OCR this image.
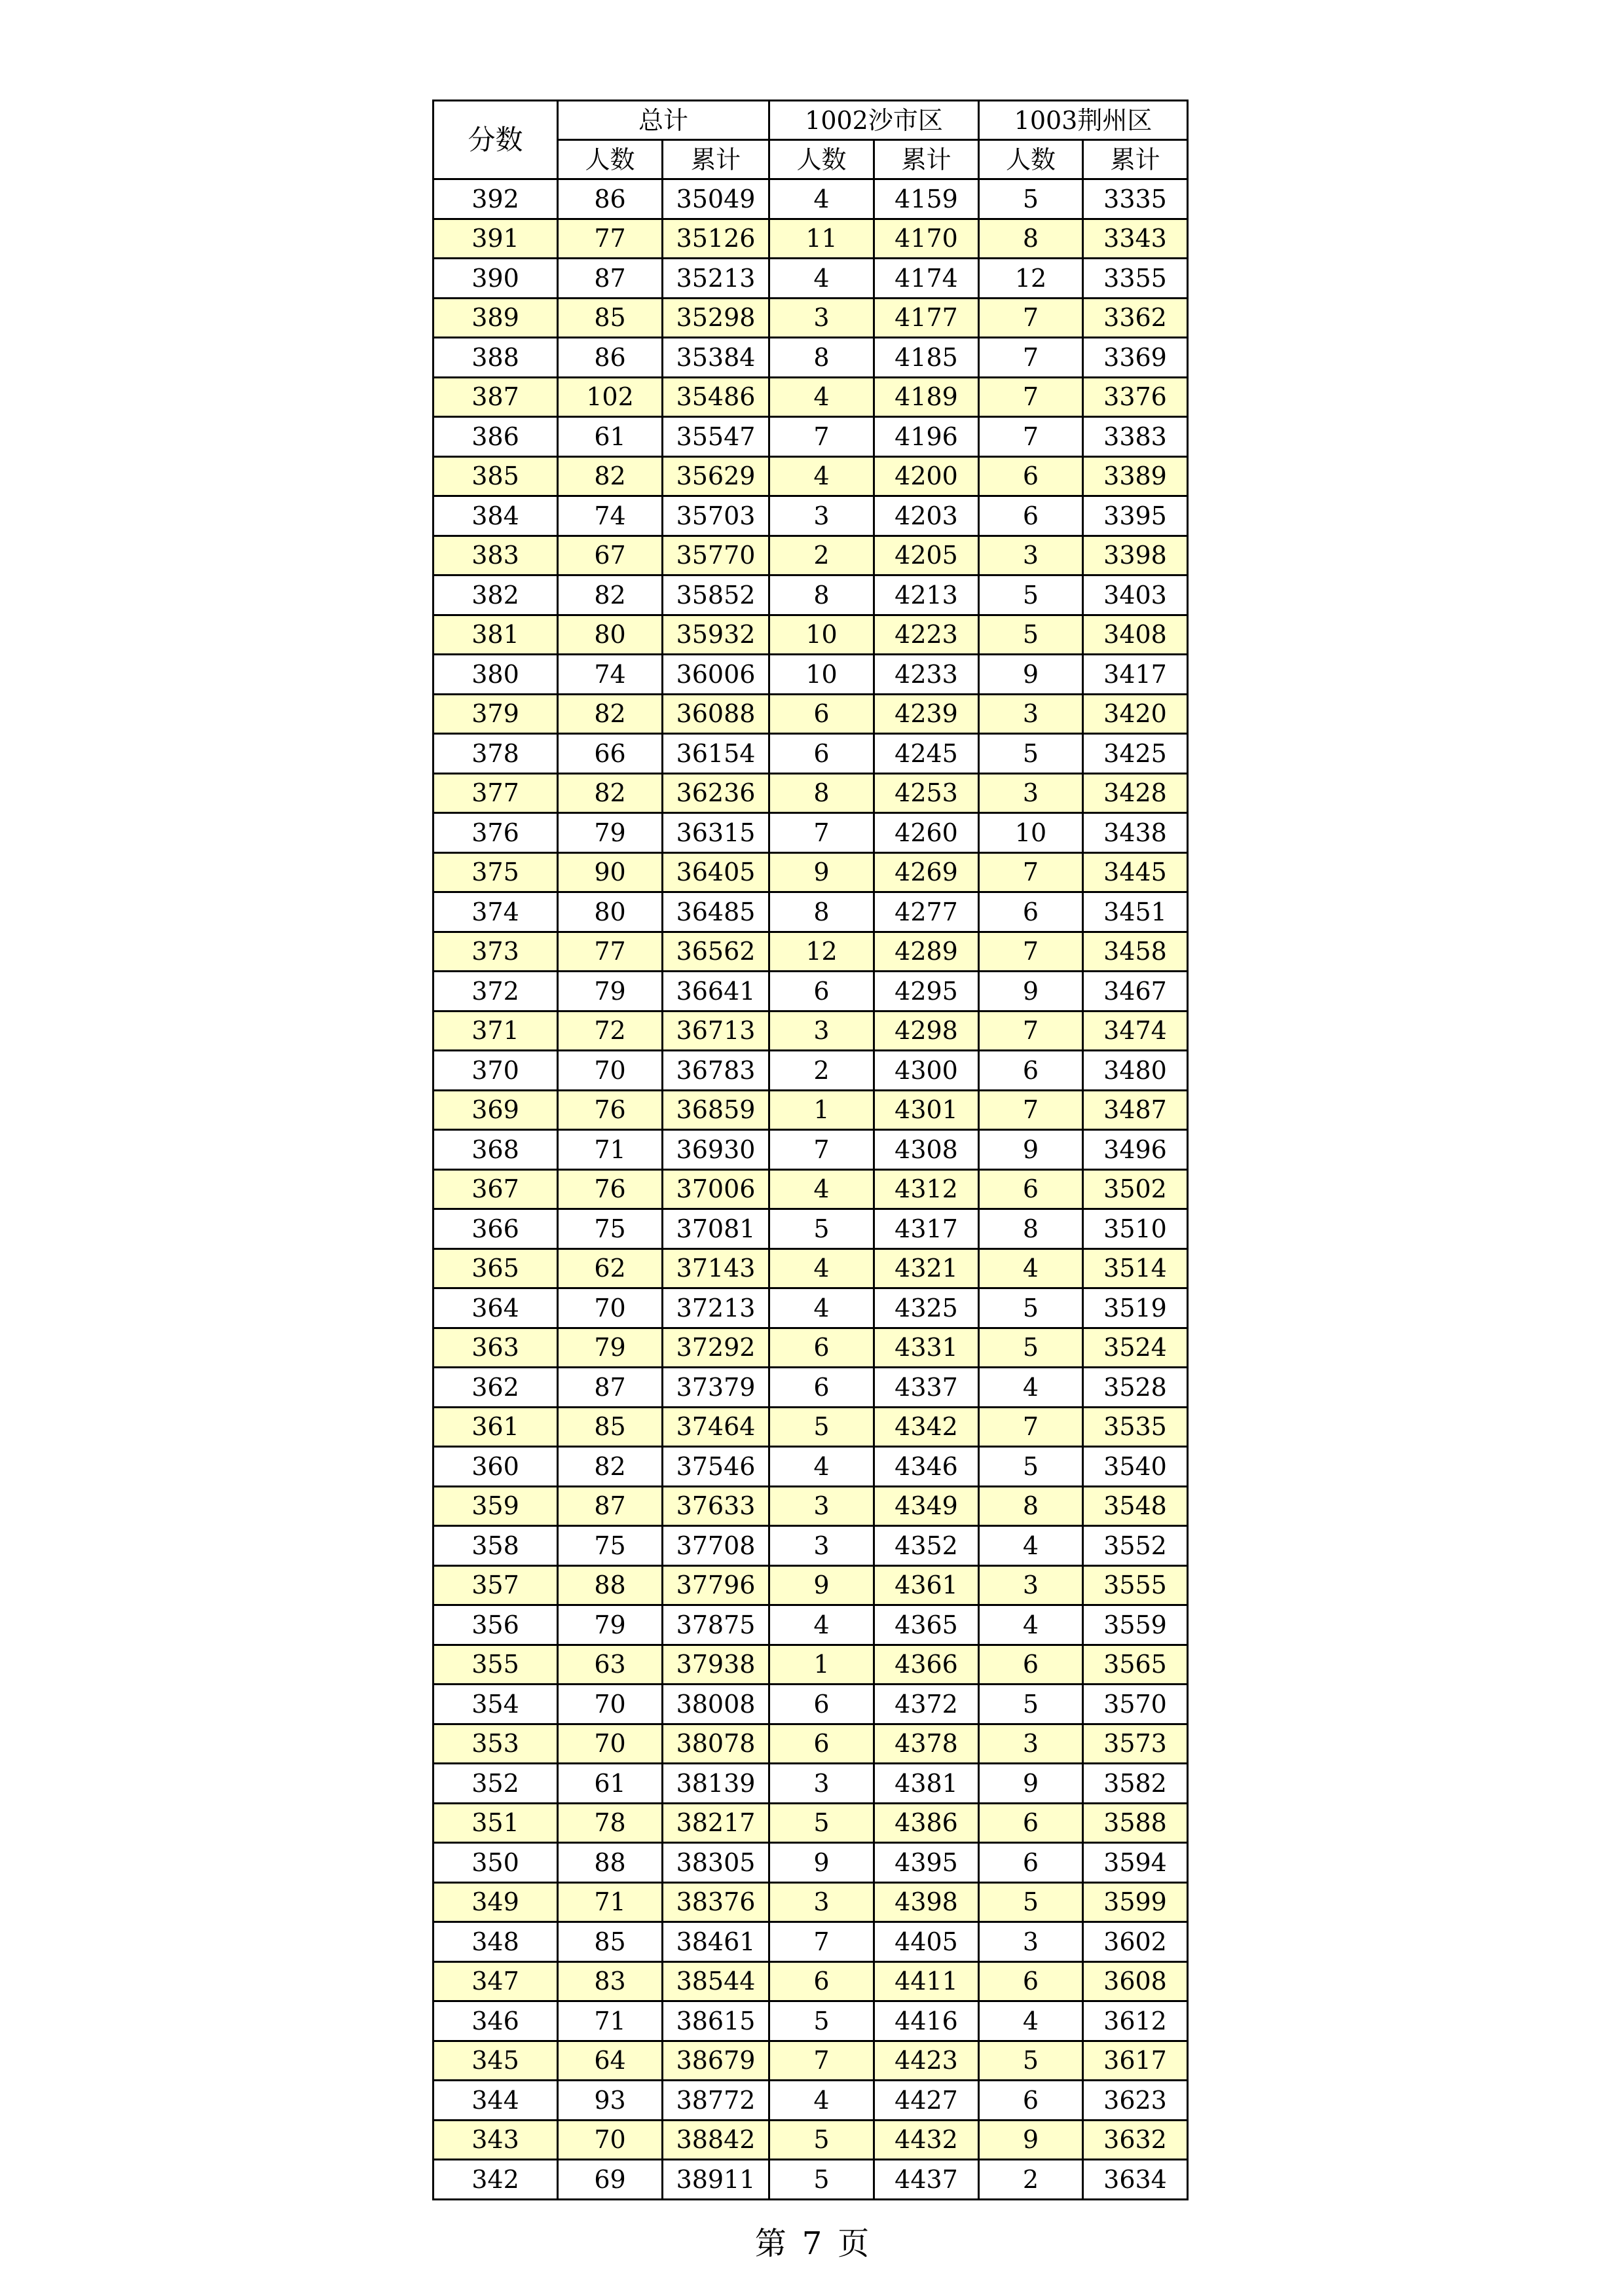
分数	总计		1002沙市区		1003荆州区	
	人数	累计	人数	累计	人数	累计
392	86	35049	4	4159	5	3335
391	77	35126	11	4170	8	3343
390	87	35213	4	4174	12	3355
389	85	35298	3	4177	7	3362
388	86	35384	8	4185	7	3369
387	102	35486	4	4189	7	3376
386	61	35547	7	4196	7	3383
385	82	35629	4	4200	6	3389
384	74	35703	3	4203	6	3395
383	67	35770	2	4205	3	3398
382	82	35852	8	4213	5	3403
381	80	35932	10	4223	5	3408
380	74	36006	10	4233	9	3417
379	82	36088	6	4239	3	3420
378	66	36154	6	4245	5	3425
377	82	36236	8	4253	3	3428
376	79	36315	7	4260	10	3438
375	90	36405	9	4269	7	3445
374	80	36485	8	4277	6	3451
373	77	36562	12	4289	7	3458
372	79	36641	6	4295	9	3467
371	72	36713	3	4298	7	3474
370	70	36783	2	4300	6	3480
369	76	36859	1	4301	7	3487
368	71	36930	7	4308	9	3496
367	76	37006	4	4312	6	3502
366	75	37081	5	4317	8	3510
365	62	37143	4	4321	4	3514
364	70	37213	4	4325	5	3519
363	79	37292	6	4331	5	3524
362	87	37379	6	4337	4	3528
361	85	37464	5	4342	7	3535
360	82	37546	4	4346	5	3540
359	87	37633	3	4349	8	3548
358	75	37708	3	4352	4	3552
357	88	37796	9	4361	3	3555
356	79	37875	4	4365	4	3559
355	63	37938	1	4366	6	3565
354	70	38008	6	4372	5	3570
353	70	38078	6	4378	3	3573
352	61	38139	3	4381	9	3582
351	78	38217	5	4386	6	3588
350	88	38305	9	4395	6	3594
349	71	38376	3	4398	5	3599
348	85	38461	7	4405	3	3602
347	83	38544	6	4411	6	3608
346	71	38615	5	4416	4	3612
345	64	38679	7	4423	5	3617
344	93	38772	4	4427	6	3623
343	70	38842	5	4432	9	3632
342	69	38911	5	4437	2	3634
第 7 页
